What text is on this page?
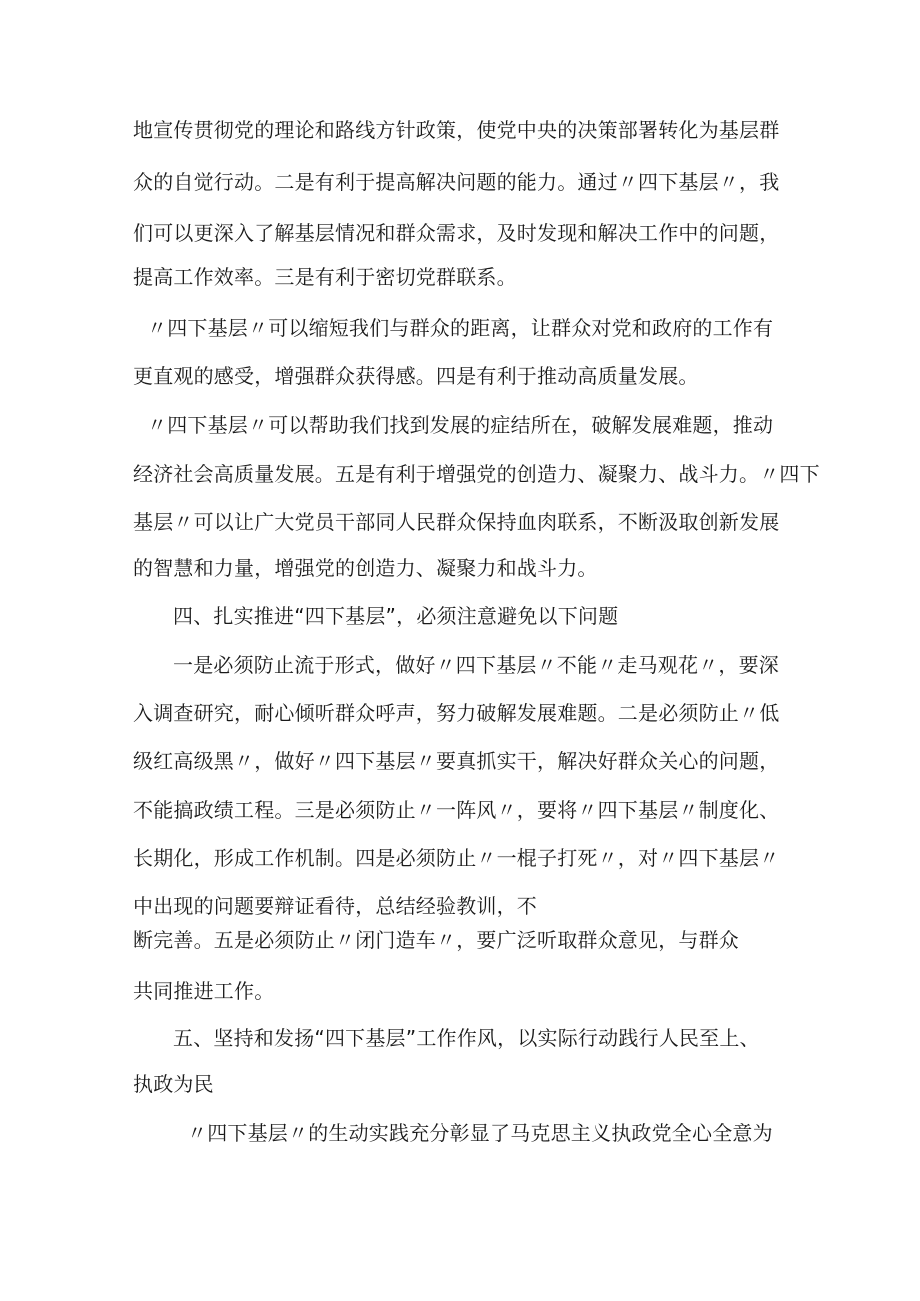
地宣传贯彻党的理论和路线方针政策，使党中央的决策部署转化为基层群
众的自觉行动。二是有利于提高解决问题的能力。通过〃四下基层〃，我
们可以更深入了解基层情况和群众需求，及时发现和解决工作中的问题，
提高工作效率。三是有利于密切党群联系。
〃四下基层〃可以缩短我们与群众的距离，让群众对党和政府的工作有
更直观的感受，增强群众获得感。四是有利于推动高质量发展。
〃四下基层〃可以帮助我们找到发展的症结所在，破解发展难题，推动
经济社会高质量发展。五是有利于增强党的创造力、凝聚力、战斗力。〃四下
基层〃可以让广大党员干部同人民群众保持血肉联系，不断汲取创新发展
的智慧和力量，增强党的创造力、凝聚力和战斗力。
四、扎实推进“四下基层”，必须注意避免以下问题
一是必须防止流于形式，做好〃四下基层〃不能〃走马观花〃，要深
入调查研究，耐心倾听群众呼声，努力破解发展难题。二是必须防止〃低
级红高级黑〃，做好〃四下基层〃要真抓实干，解决好群众关心的问题，
不能搞政绩工程。三是必须防止〃一阵风〃，要将〃四下基层〃制度化、
长期化，形成工作机制。四是必须防止〃一棍子打死〃，对〃四下基层〃
中出现的问题要辩证看待，总结经验教训，不
断完善。五是必须防止〃闭门造车〃，要广泛听取群众意见，与群众
共同推进工作。
五、坚持和发扬“四下基层”工作作风，以实际行动践行人民至上、
执政为民
〃四下基层〃的生动实践充分彰显了马克思主义执政党全心全意为
